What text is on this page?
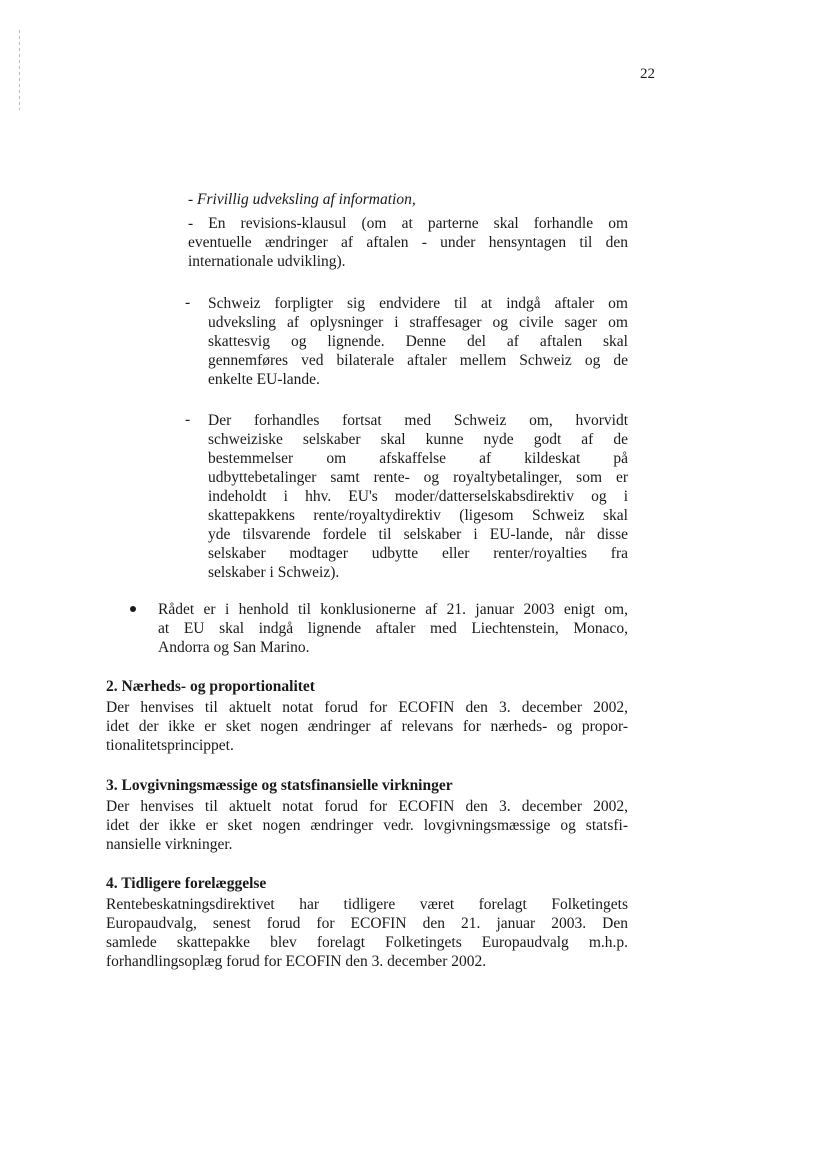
22

- Frivillig udveksling af information,

- En revisions-klausul (om at parterne skal forhandle om
eventuelle ændringer af aftalen - under hensyntagen til den
internationale udvikling).

- Schweiz forpligter sig endvidere til at indgå aftaler om
udveksling af oplysninger i straffesager og civile sager om
skattesvig og lignende. Denne del af aftalen skal
gennemføres ved bilaterale aftaler mellem Schweiz og de
enkelte EU-lande.

- Der forhandles fortsat med Schweiz om, hvorvidt
schweiziske selskaber skal kunne nyde godt af de
bestemmelser om afskaffelse af kildeskat på
udbyttebetalinger samt rente- og royaltybetalinger, som er
indeholdt i hhv. EU's moder/datterselskabsdirektiv og i
skattepakkens rente/royaltydirektiv (ligesom Schweiz skal
yde tilsvarende fordele til selskaber i EU-lande, når disse
selskaber modtager udbytte eller renter/royalties fra
selskaber i Schweiz).

Rådet er i henhold til konklusionerne af 21. januar 2003 enigt om,
at EU skal indgå lignende aftaler med Liechtenstein, Monaco,
Andorra og San Marino.

2. Nærheds- og proportionalitet

Der henvises til aktuelt notat forud for ECOFIN den 3. december 2002,
idet der ikke er sket nogen ændringer af relevans for nærheds- og propor-
tionalitetsprincippet.

3. Lovgivningsmæssige og statsfinansielle virkninger

Der henvises til aktuelt notat forud for ECOFIN den 3. december 2002,
idet der ikke er sket nogen ændringer vedr. lovgivningsmæssige og statsfi-
nansielle virkninger.

4. Tidligere forelæggelse

Rentebeskatningsdirektivet har tidligere været forelagt Folketingets
Europaudvalg, senest forud for ECOFIN den 21. januar 2003. Den
samlede skattepakke blev forelagt Folketingets Europaudvalg m.h.p.
forhandlingsoplæg forud for ECOFIN den 3. december 2002.
